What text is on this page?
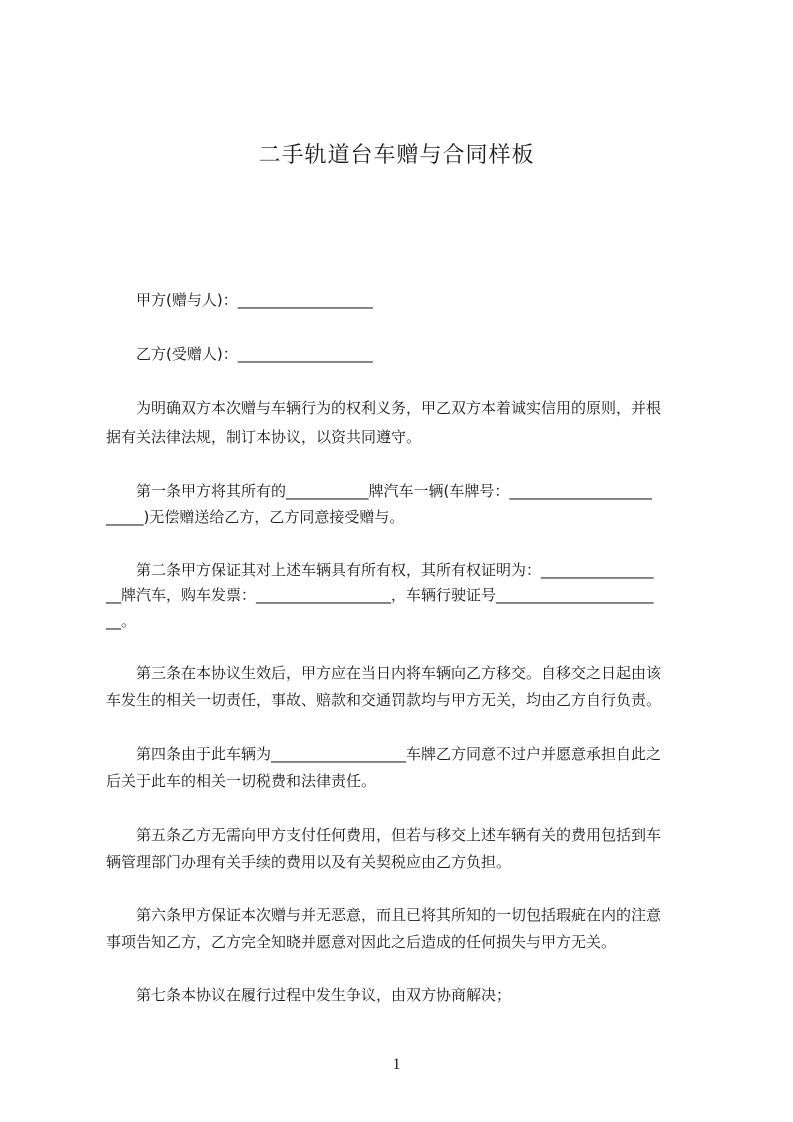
二手轨道台车赠与合同样板

甲方(赠与人)：__________________

乙方(受赠人)：__________________

为明确双方本次赠与车辆行为的权利义务，甲乙双方本着诚实信用的原则，并根

据有关法律法规，制订本协议，以资共同遵守。

第一条甲方将其所有的___________牌汽车一辆(车牌号：___________________

_____)无偿赠送给乙方，乙方同意接受赠与。

第二条甲方保证其对上述车辆具有所有权，其所有权证明为：_______________

__牌汽车，购车发票：__________________，车辆行驶证号_____________________

__。

第三条在本协议生效后，甲方应在当日内将车辆向乙方移交。自移交之日起由该

车发生的相关一切责任，事故、赔款和交通罚款均与甲方无关，均由乙方自行负责。

第四条由于此车辆为__________________车牌乙方同意不过户并愿意承担自此之

后关于此车的相关一切税费和法律责任。

第五条乙方无需向甲方支付任何费用，但若与移交上述车辆有关的费用包括到车

辆管理部门办理有关手续的费用以及有关契税应由乙方负担。

第六条甲方保证本次赠与并无恶意，而且已将其所知的一切包括瑕疵在内的注意

事项告知乙方，乙方完全知晓并愿意对因此之后造成的任何损失与甲方无关。

第七条本协议在履行过程中发生争议，由双方协商解决；

1
